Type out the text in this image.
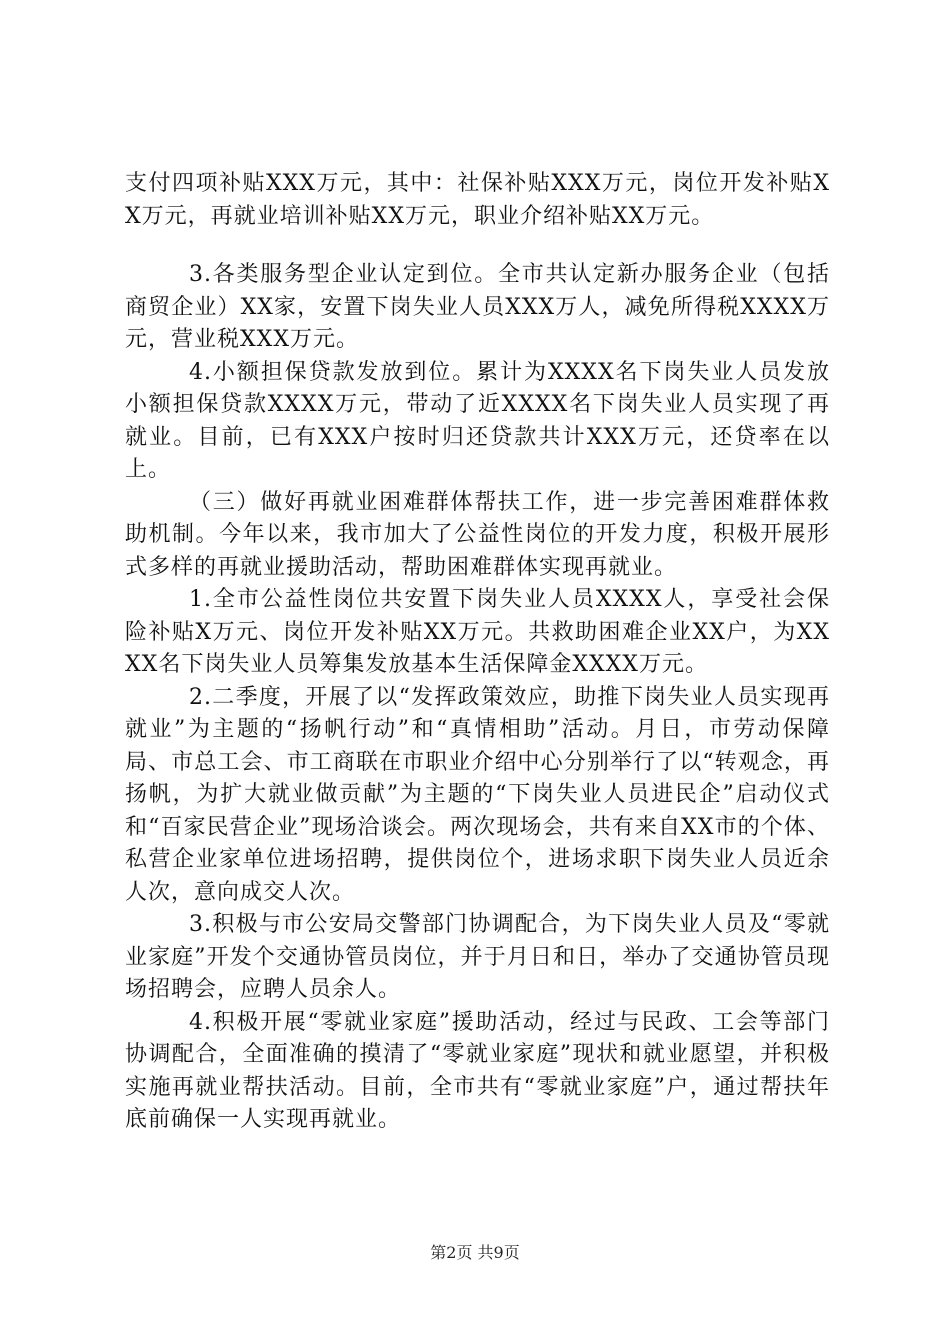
支付四项补贴XXX万元，其中：社保补贴XXX万元，岗位开发补贴XX万元，再就业培训补贴XX万元，职业介绍补贴XX万元。

3.各类服务型企业认定到位。全市共认定新办服务企业（包括商贸企业）XX家，安置下岗失业人员XXX万人，减免所得税XXXX万元，营业税XXX万元。

4.小额担保贷款发放到位。累计为XXXX名下岗失业人员发放小额担保贷款XXXX万元，带动了近XXXX名下岗失业人员实现了再就业。目前，已有XXX户按时归还贷款共计XXX万元，还贷率在以上。

（三）做好再就业困难群体帮扶工作，进一步完善困难群体救助机制。今年以来，我市加大了公益性岗位的开发力度，积极开展形式多样的再就业援助活动，帮助困难群体实现再就业。

1.全市公益性岗位共安置下岗失业人员XXXX人，享受社会保险补贴X万元、岗位开发补贴XX万元。共救助困难企业XX户，为XXXX名下岗失业人员筹集发放基本生活保障金XXXX万元。

2.二季度，开展了以“发挥政策效应，助推下岗失业人员实现再就业”为主题的“扬帆行动”和“真情相助”活动。月日，市劳动保障局、市总工会、市工商联在市职业介绍中心分别举行了以“转观念，再扬帆，为扩大就业做贡献”为主题的“下岗失业人员进民企”启动仪式和“百家民营企业”现场洽谈会。两次现场会，共有来自XX市的个体、私营企业家单位进场招聘，提供岗位个，进场求职下岗失业人员近余人次，意向成交人次。

3.积极与市公安局交警部门协调配合，为下岗失业人员及“零就业家庭”开发个交通协管员岗位，并于月日和日，举办了交通协管员现场招聘会，应聘人员余人。

4.积极开展“零就业家庭”援助活动，经过与民政、工会等部门协调配合，全面准确的摸清了“零就业家庭”现状和就业愿望，并积极实施再就业帮扶活动。目前，全市共有“零就业家庭”户，通过帮扶年底前确保一人实现再就业。

第2页 共9页
